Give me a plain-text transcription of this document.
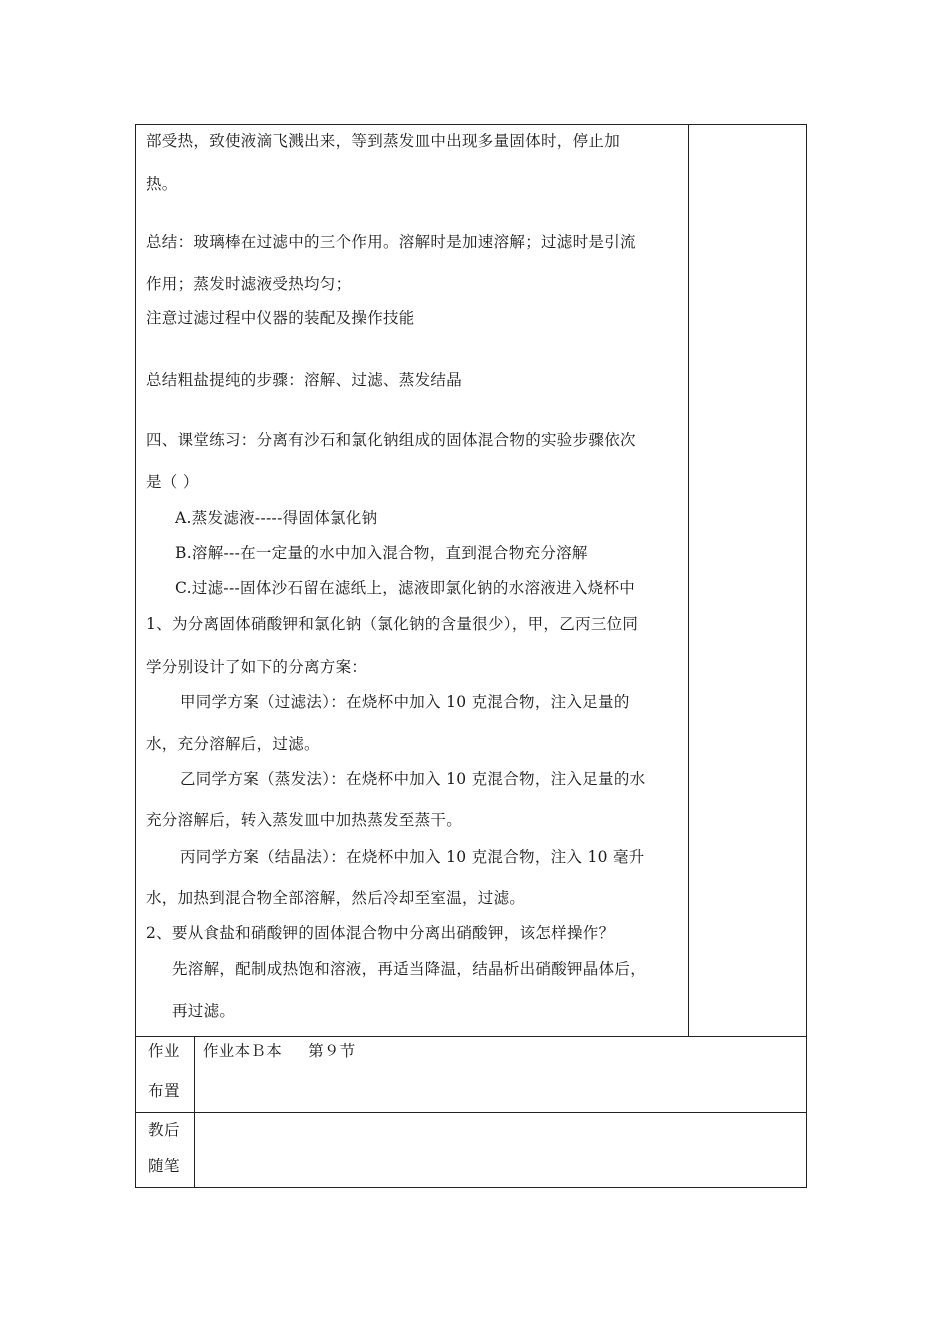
部受热，致使液滴飞溅出来，等到蒸发皿中出现多量固体时，停止加
热。
总结：玻璃棒在过滤中的三个作用。溶解时是加速溶解；过滤时是引流
作用；蒸发时滤液受热均匀；
注意过滤过程中仪器的装配及操作技能
总结粗盐提纯的步骤：溶解、过滤、蒸发结晶
四、课堂练习：分离有沙石和氯化钠组成的固体混合物的实验步骤依次
是（ ）
A.蒸发滤液-----得固体氯化钠
B.溶解---在一定量的水中加入混合物，直到混合物充分溶解
C.过滤---固体沙石留在滤纸上，滤液即氯化钠的水溶液进入烧杯中
1、为分离固体硝酸钾和氯化钠（氯化钠的含量很少），甲，乙丙三位同
学分别设计了如下的分离方案：
甲同学方案（过滤法）：在烧杯中加入 10 克混合物，注入足量的
水，充分溶解后，过滤。
乙同学方案（蒸发法）：在烧杯中加入 10 克混合物，注入足量的水
充分溶解后，转入蒸发皿中加热蒸发至蒸干。
丙同学方案（结晶法）：在烧杯中加入 10 克混合物，注入 10 毫升
水，加热到混合物全部溶解，然后冷却至室温，过滤。
2、要从食盐和硝酸钾的固体混合物中分离出硝酸钾，该怎样操作？
先溶解，配制成热饱和溶液，再适当降温，结晶析出硝酸钾晶体后，
再过滤。
作业
布置
作业本Ｂ本     第９节
教后
随笔
